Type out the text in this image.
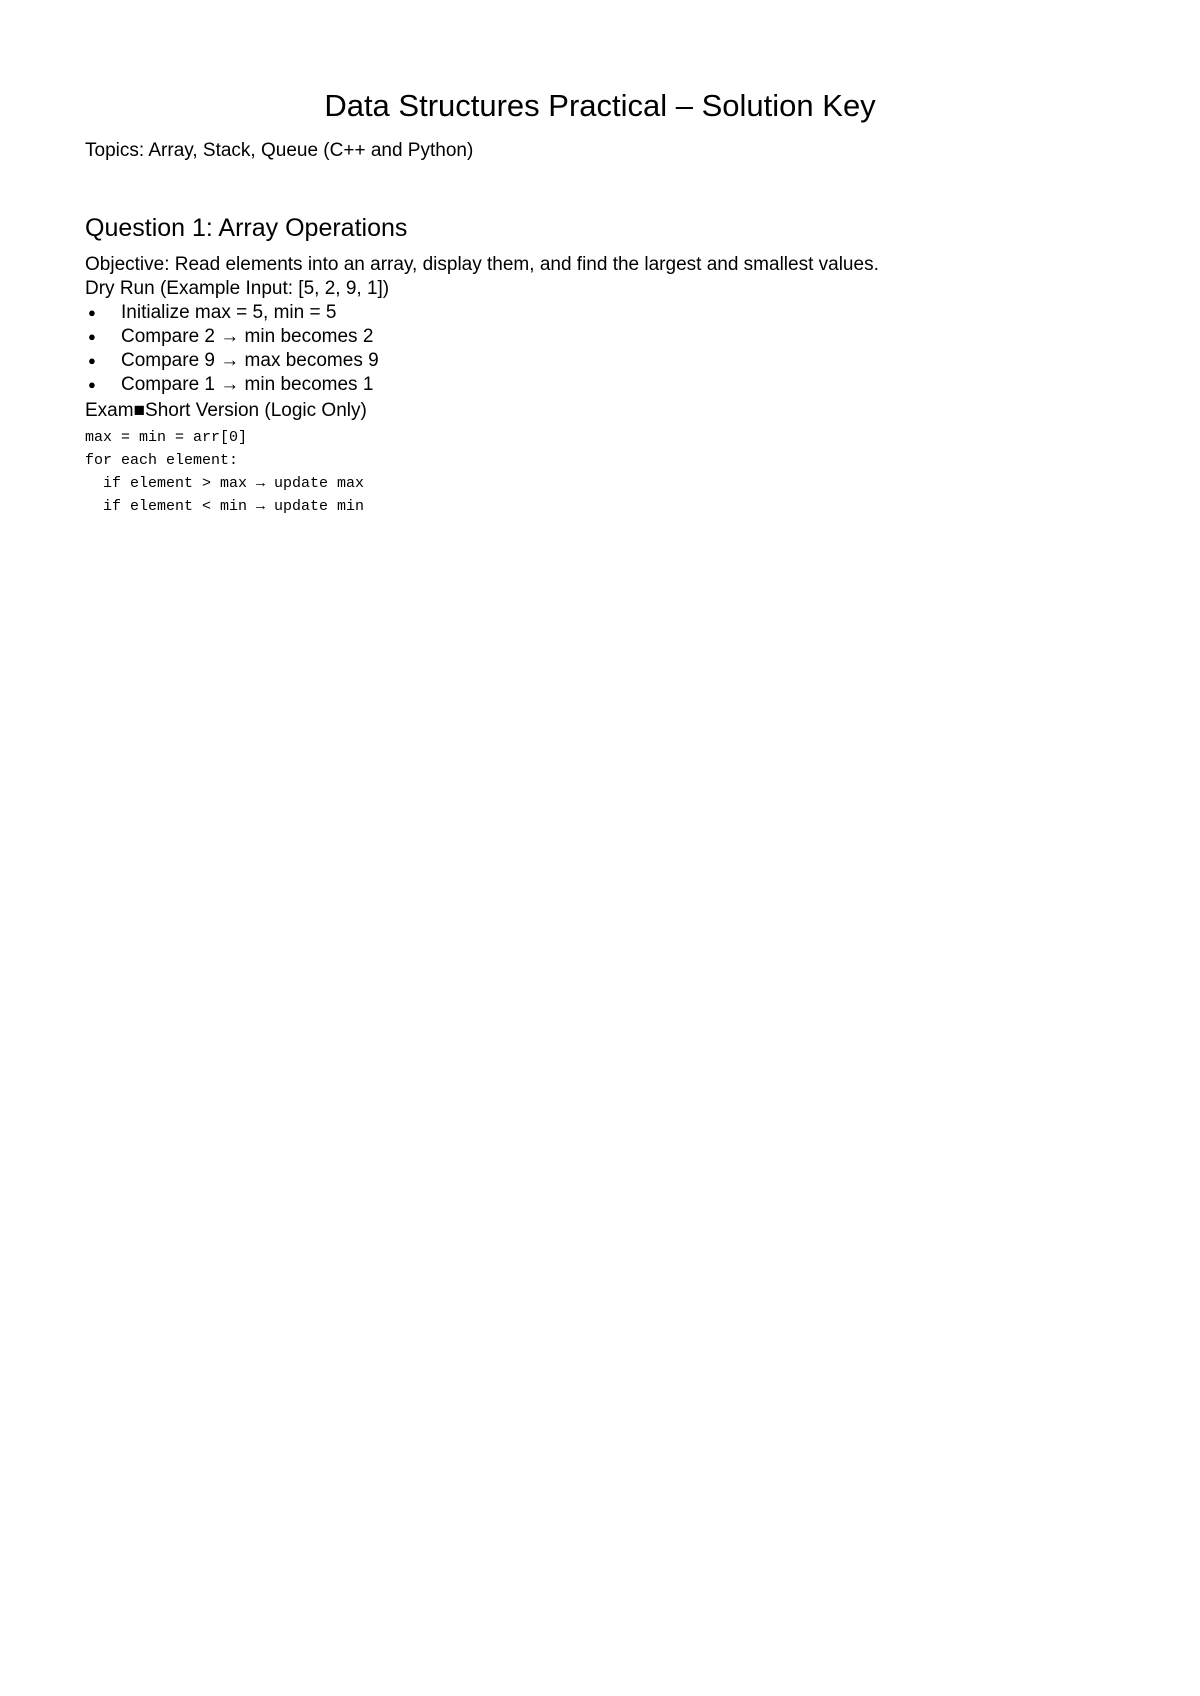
Data Structures Practical – Solution Key

Topics: Array, Stack, Queue (C++ and Python)

Question 1: Array Operations

Objective: Read elements into an array, display them, and find the largest and smallest values.

Dry Run (Example Input: [5, 2, 9, 1])

●	Initialize max = 5, min = 5
●	Compare 2 → min becomes 2
●	Compare 9 → max becomes 9
●	Compare 1 → min becomes 1

Exam■Short Version (Logic Only)

max = min = arr[0]
for each element:
if element > max → update max
if element < min → update min
